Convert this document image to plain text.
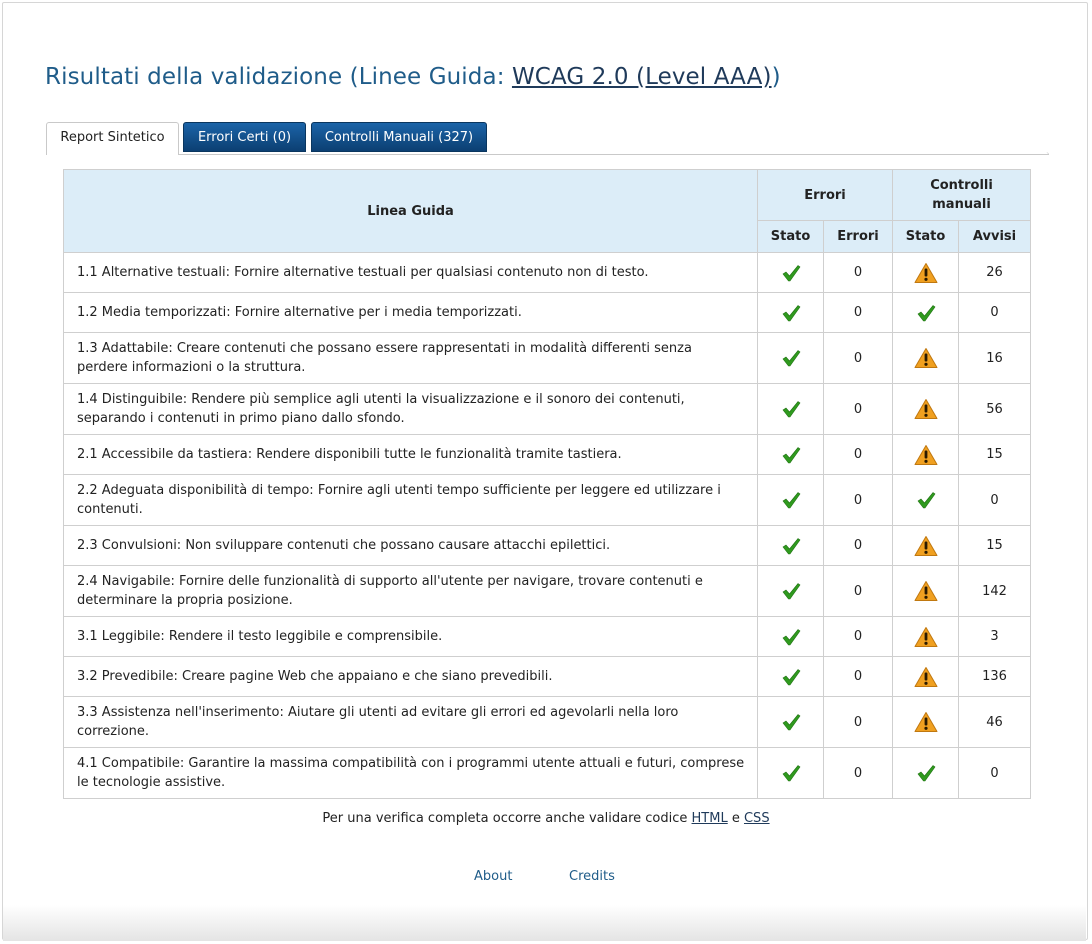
Risultati della validazione (Linee Guida: WCAG 2.0 (Level AAA))
Report Sintetico	Errori Certi (0)	Controlli Manuali (327)
Linea Guida	Errori		Controlli manuali	
	Stato	Errori	Stato	Avvisi
1.1 Alternative testuali: Fornire alternative testuali per qualsiasi contenuto non di testo.		0		26
1.2 Media temporizzati: Fornire alternative per i media temporizzati.		0		0
1.3 Adattabile: Creare contenuti che possano essere rappresentati in modalità differenti senza perdere informazioni o la struttura.		0		16
1.4 Distinguibile: Rendere più semplice agli utenti la visualizzazione e il sonoro dei contenuti, separando i contenuti in primo piano dallo sfondo.		0		56
2.1 Accessibile da tastiera: Rendere disponibili tutte le funzionalità tramite tastiera.		0		15
2.2 Adeguata disponibilità di tempo: Fornire agli utenti tempo sufficiente per leggere ed utilizzare i contenuti.		0		0
2.3 Convulsioni: Non sviluppare contenuti che possano causare attacchi epilettici.		0		15
2.4 Navigabile: Fornire delle funzionalità di supporto all'utente per navigare, trovare contenuti e determinare la propria posizione.		0		142
3.1 Leggibile: Rendere il testo leggibile e comprensibile.		0		3
3.2 Prevedibile: Creare pagine Web che appaiano e che siano prevedibili.		0		136
3.3 Assistenza nell'inserimento: Aiutare gli utenti ad evitare gli errori ed agevolarli nella loro correzione.		0		46
4.1 Compatibile: Garantire la massima compatibilità con i programmi utente attuali e futuri, comprese le tecnologie assistive.		0		0
Per una verifica completa occorre anche validare codice HTML e CSS
About	Credits
